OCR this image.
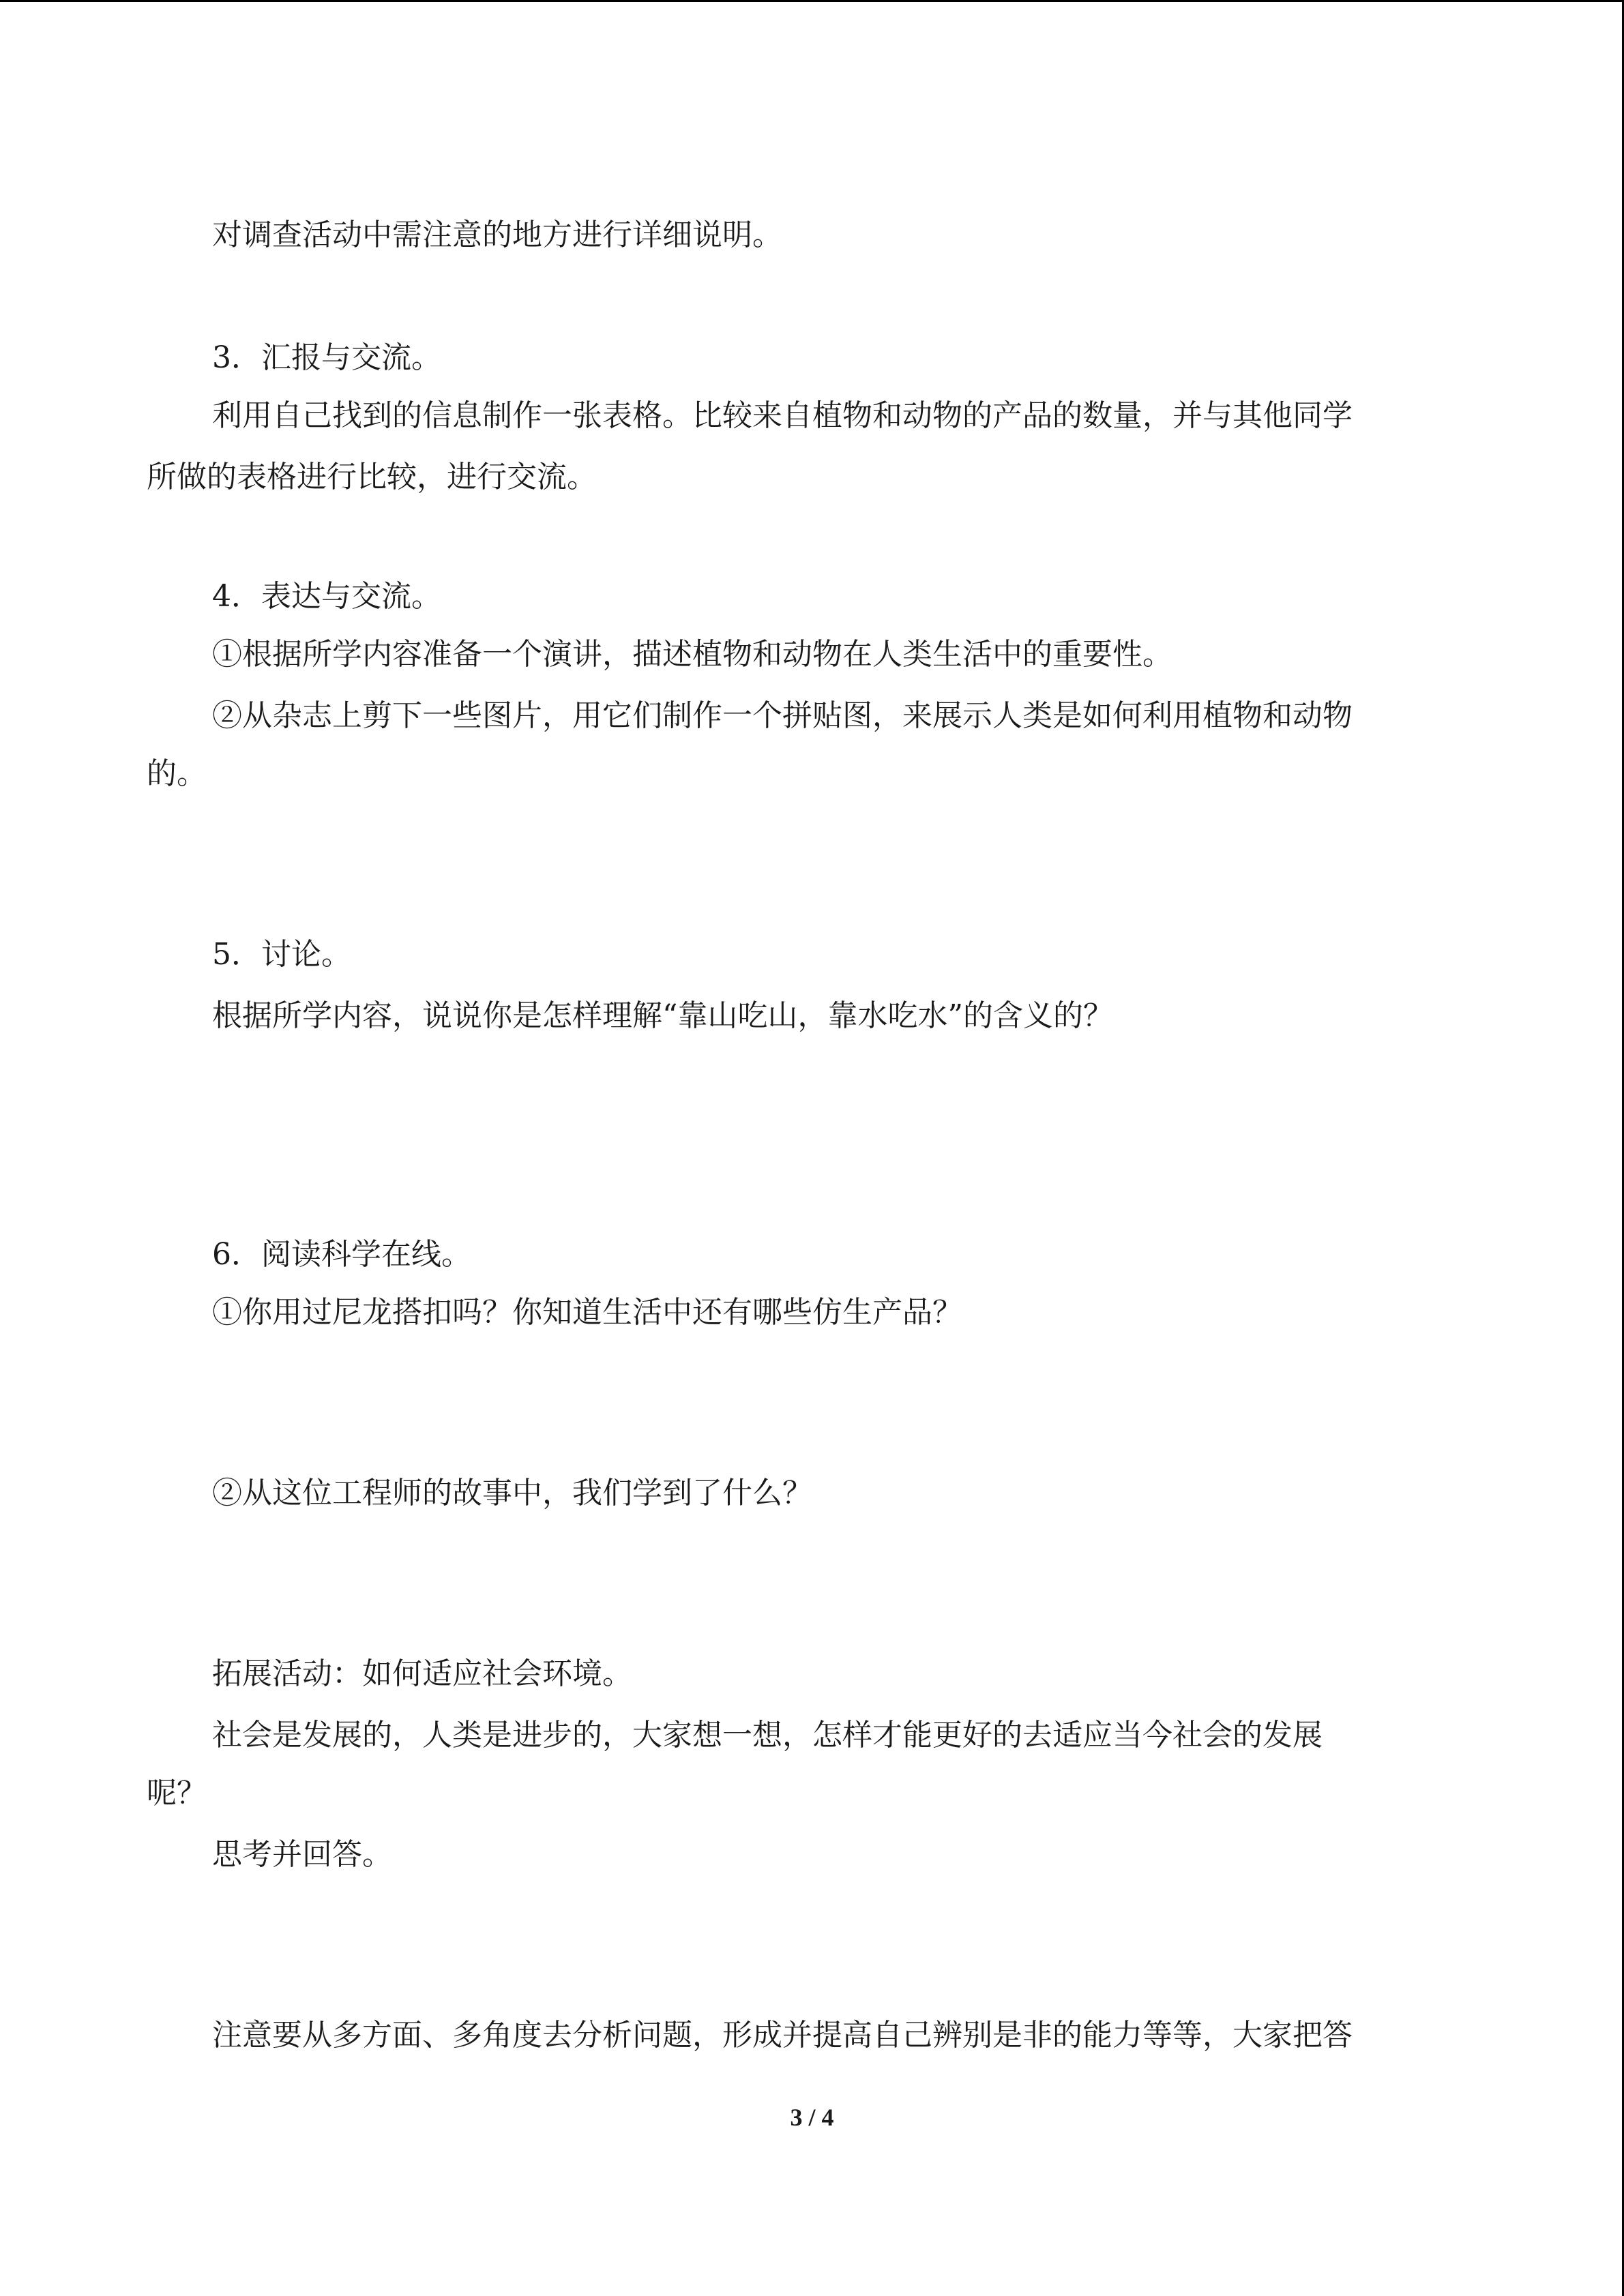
对调查活动中需注意的地方进行详细说明。
3．汇报与交流。
利用自己找到的信息制作一张表格。比较来自植物和动物的产品的数量，并与其他同学
所做的表格进行比较，进行交流。
4．表达与交流。
①根据所学内容准备一个演讲，描述植物和动物在人类生活中的重要性。
②从杂志上剪下一些图片，用它们制作一个拼贴图，来展示人类是如何利用植物和动物
的。
5．讨论。
根据所学内容，说说你是怎样理解“靠山吃山，靠水吃水”的含义的？
6．阅读科学在线。
①你用过尼龙搭扣吗？你知道生活中还有哪些仿生产品？
②从这位工程师的故事中，我们学到了什么？
拓展活动：如何适应社会环境。
社会是发展的，人类是进步的，大家想一想，怎样才能更好的去适应当今社会的发展
呢？
思考并回答。
注意要从多方面、多角度去分析问题，形成并提高自己辨别是非的能力等等，大家把答
3 / 4
